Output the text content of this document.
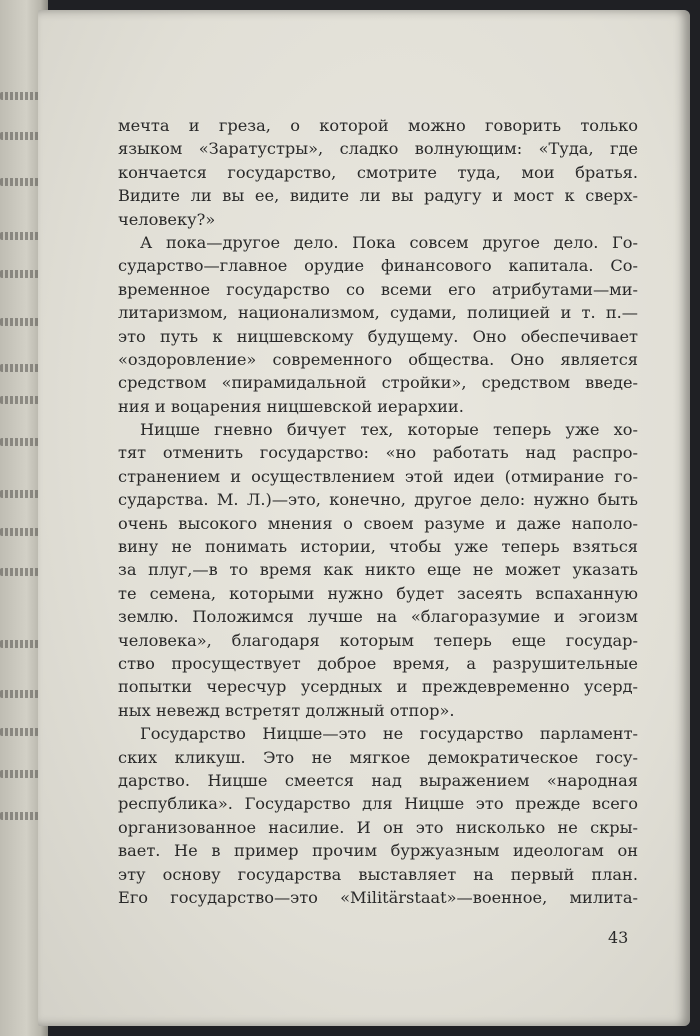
мечта и греза, о которой можно говорить только
языком «Заратустры», сладко волнующим: «Туда, где
кончается государство, смотрите туда, мои братья.
Видите ли вы ее, видите ли вы радугу и мост к сверх-
человеку?»
А пока—другое дело. Пока совсем другое дело. Го-
сударство—главное орудие финансового капитала. Со-
временное государство со всеми его атрибутами—ми-
литаризмом, национализмом, судами, полицией и т. п.—
это путь к ницшевскому будущему. Оно обеспечивает
«оздоровление» современного общества. Оно является
средством «пирамидальной стройки», средством введе-
ния и воцарения ницшевской иерархии.
Ницше гневно бичует тех, которые теперь уже хо-
тят отменить государство: «но работать над распро-
странением и осуществлением этой идеи (отмирание го-
сударства. М. Л.)—это, конечно, другое дело: нужно быть
очень высокого мнения о своем разуме и даже наполо-
вину не понимать истории, чтобы уже теперь взяться
за плуг,—в то время как никто еще не может указать
те семена, которыми нужно будет засеять вспаханную
землю. Положимся лучше на «благоразумие и эгоизм
человека», благодаря которым теперь еще государ-
ство просуществует доброе время, а разрушительные
попытки чересчур усердных и преждевременно усерд-
ных невежд встретят должный отпор».
Государство Ницше—это не государство парламент-
ских кликуш. Это не мягкое демократическое госу-
дарство. Ницше смеется над выражением «народная
республика». Государство для Ницше это прежде всего
организованное насилие. И он это нисколько не скры-
вает. Не в пример прочим буржуазным идеологам он
эту основу государства выставляет на первый план.
Его государство—это «Militärstaat»—военное, милита-
43
